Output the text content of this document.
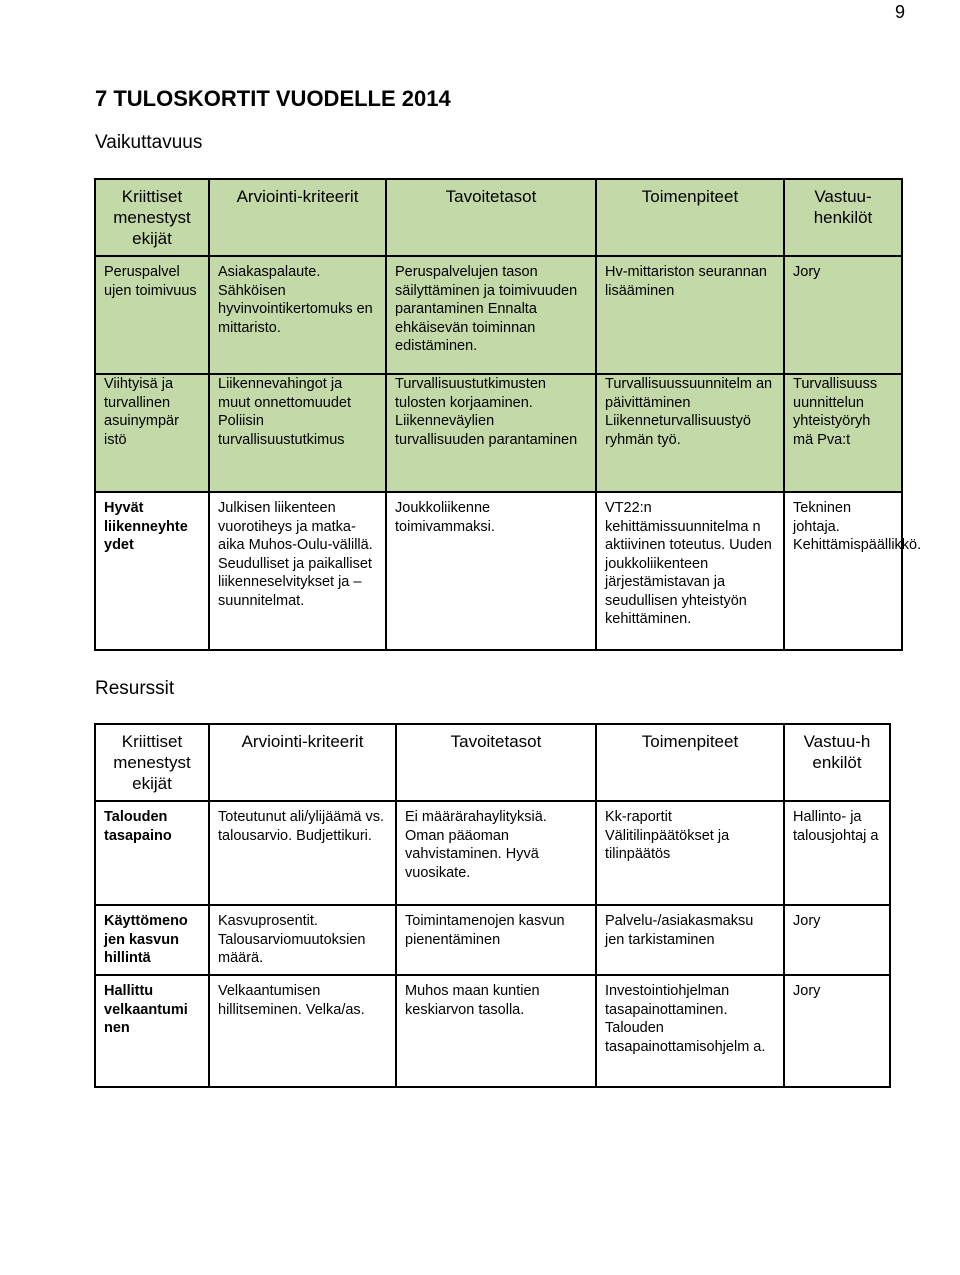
9
7 TULOSKORTIT VUODELLE 2014
Vaikuttavuus
Kriittiset menestyst ekijät	Arviointi-kriteerit	Tavoitetasot	Toimenpiteet	Vastuu-henkilöt
Peruspalvel ujen toimivuus	Asiakaspalaute. Sähköisen hyvinvointikertomuks en mittaristo.	Peruspalvelujen tason säilyttäminen ja toimivuuden parantaminen Ennalta ehkäisevän toiminnan edistäminen.	Hv-mittariston seurannan lisääminen	Jory
Viihtyisä ja turvallinen asuinympär istö	Liikennevahingot ja muut onnettomuudet Poliisin turvallisuustutkimus	Turvallisuustutkimusten tulosten korjaaminen. Liikenneväylien turvallisuuden parantaminen	Turvallisuussuunnitelm an päivittäminen Liikenneturvallisuustyö ryhmän työ.	Turvallisuuss uunnittelun yhteistyöryh mä Pva:t
Hyvät liikenneyhte ydet	Julkisen liikenteen vuorotiheys ja matka-aika Muhos-Oulu-välillä. Seudulliset ja paikalliset liikenneselvitykset ja –suunnitelmat.	Joukkoliikenne toimivammaksi.	VT22:n kehittämissuunnitelma n aktiivinen toteutus. Uuden joukkoliikenteen järjestämistavan ja seudullisen yhteistyön kehittäminen.	Tekninen johtaja. Kehittämispäällikkö.
Resurssit
Kriittiset menestyst ekijät	Arviointi-kriteerit	Tavoitetasot	Toimenpiteet	Vastuu-h enkilöt
Talouden tasapaino	Toteutunut ali/ylijäämä vs. talousarvio. Budjettikuri.	Ei määrärahaylityksiä. Oman pääoman vahvistaminen. Hyvä vuosikate.	Kk-raportit Välitilinpäätökset ja tilinpäätös	Hallinto- ja talousjohtaj a
Käyttömeno jen kasvun hillintä	Kasvuprosentit. Talousarviomuutoksien määrä.	Toimintamenojen kasvun pienentäminen	Palvelu-/asiakasmaksu jen tarkistaminen	Jory
Hallittu velkaantumi nen	Velkaantumisen hillitseminen. Velka/as.	Muhos maan kuntien keskiarvon tasolla.	Investointiohjelman tasapainottaminen. Talouden tasapainottamisohjelm a.	Jory
